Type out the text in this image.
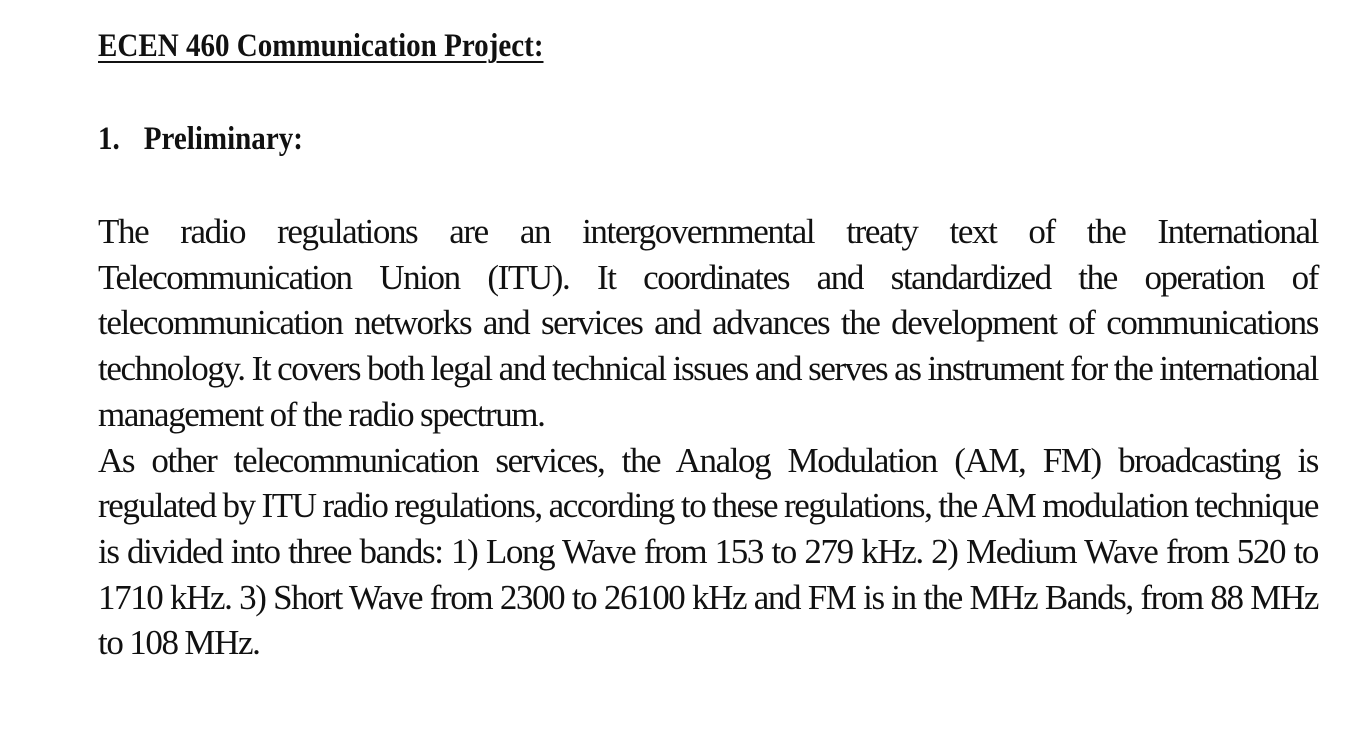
ECEN 460 Communication Project:
1. Preliminary:

The radio regulations are an intergovernmental treaty text of the International Telecommunication Union (ITU). It coordinates and standardized the operation of telecommunication networks and services and advances the development of communications technology. It covers both legal and technical issues and serves as instrument for the international management of the radio spectrum.

As other telecommunication services, the Analog Modulation (AM, FM) broadcasting is regulated by ITU radio regulations, according to these regulations, the AM modulation technique is divided into three bands: 1) Long Wave from 153 to 279 kHz. 2) Medium Wave from 520 to 1710 kHz. 3) Short Wave from 2300 to 26100 kHz and FM is in the MHz Bands, from 88 MHz to 108 MHz.
